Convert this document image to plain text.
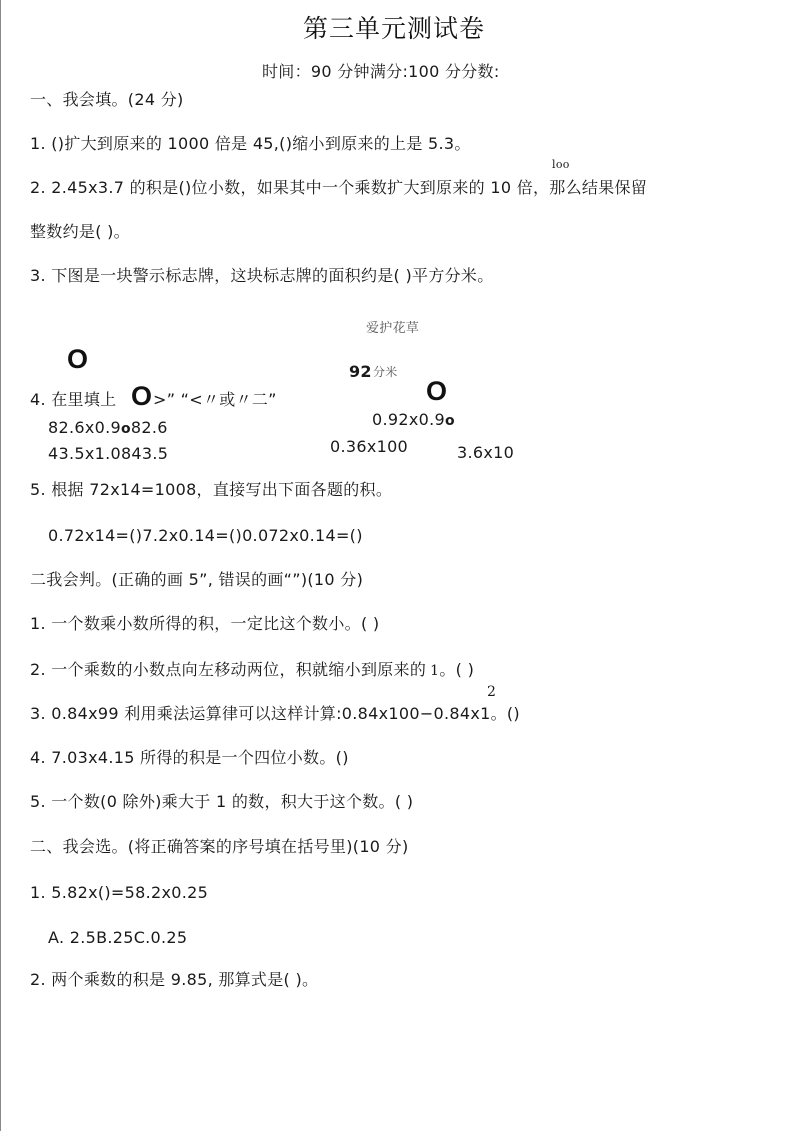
第三单元测试卷
时间：90 分钟满分:100 分分数:
一、我会填。(24 分)
1. ()扩大到原来的 1000 倍是 45,()缩小到原来的上是 5.3。
loo
2. 2.45x3.7 的积是()位小数，如果其中一个乘数扩大到原来的 10 倍，那么结果保留
整数约是( )。
3. 下图是一块警示标志牌，这块标志牌的面积约是( )平方分米。
爱护花草
92 分米
O
4. 在里填上 O >” “<〃或〃二”	O
82.6x0.9o82.6
43.5x1.0843.5
0.92x0.9o
0.36x100	3.6x10
5. 根据 72x14=1008，直接写出下面各题的积。
0.72x14=()7.2x0.14=()0.072x0.14=()
二我会判。(正确的画 5”, 错误的画“”)(10 分)
1. 一个数乘小数所得的积，一定比这个数小。( )
2. 一个乘数的小数点向左移动两位，积就缩小到原来的 1。( )
2
3. 0.84x99 利用乘法运算律可以这样计算:0.84x100−0.84x1。()
4. 7.03x4.15 所得的积是一个四位小数。()
5. 一个数(0 除外)乘大于 1 的数，积大于这个数。( )
二、我会选。(将正确答案的序号填在括号里)(10 分)
1. 5.82x()=58.2x0.25
A. 2.5B.25C.0.25
2. 两个乘数的积是 9.85, 那算式是( )。
